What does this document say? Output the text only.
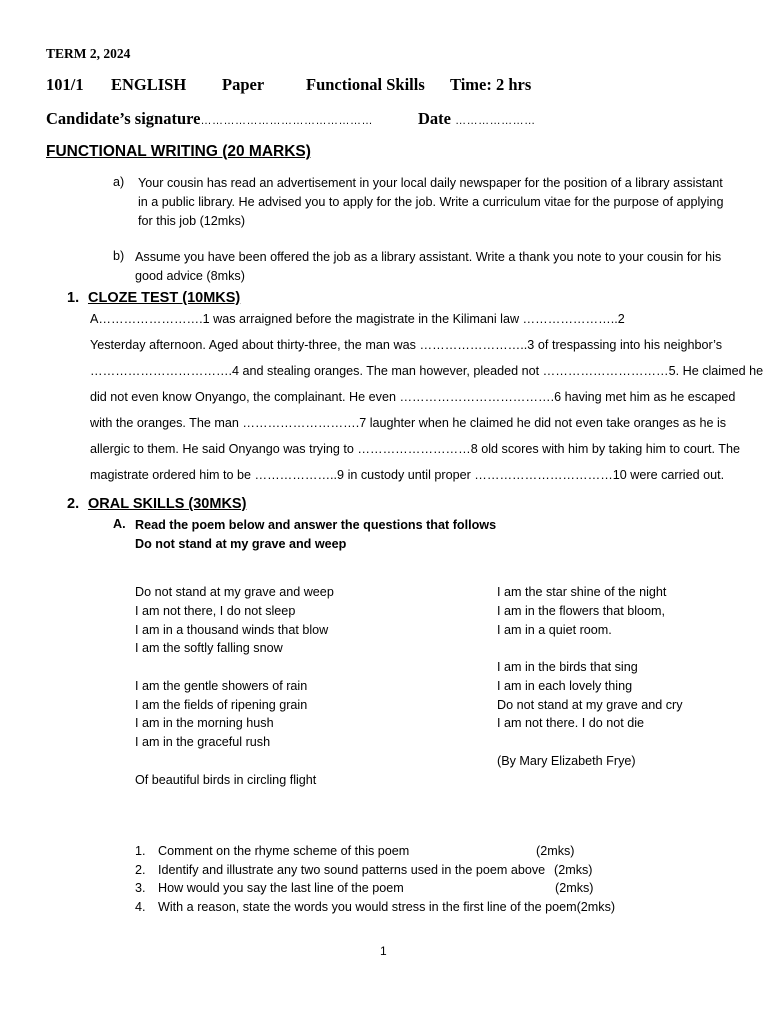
TERM 2, 2024
101/1 ENGLISH Paper	Functional Skills Time: 2 hrs
Candidate’s signature………………………………………	Date …………………
FUNCTIONAL WRITING (20 MARKS)
a) Your cousin has read an advertisement in your local daily newspaper for the position of a library assistant in a public library. He advised you to apply for the job. Write a curriculum vitae for the purpose of applying for this job (12mks)
b) Assume you have been offered the job as a library assistant. Write a thank you note to your cousin for his good advice (8mks)
1. CLOZE TEST (10MKS)
A…………………….1 was arraigned before the magistrate in the Kilimani law …………………..2
Yesterday afternoon. Aged about thirty-three, the man was ……………………..3 of trespassing into his neighbor’s
…………………………….4 and stealing oranges. The man however, pleaded not …………………………5. He claimed he
did not even know Onyango, the complainant. He even ……………………………….6 having met him as he escaped
with the oranges. The man ……………………….7 laughter when he claimed he did not even take oranges as he is
allergic to them. He said Onyango was trying to ………………………8 old scores with him by taking him to court. The
magistrate ordered him to be ………………..9 in custody until proper ……………………………10 were carried out.
2. ORAL SKILLS (30MKS)
A. Read the poem below and answer the questions that follows
Do not stand at my grave and weep
Do not stand at my grave and weep
I am not there, I do not sleep
I am in a thousand winds that blow
I am the softly falling snow
I am the gentle showers of rain
I am the fields of ripening grain
I am in the morning hush
I am in the graceful rush
Of beautiful birds in circling flight
I am the star shine of the night
I am in the flowers that bloom,
I am in a quiet room.
I am in the birds that sing
I am in each lovely thing
Do not stand at my grave and cry
I am not there. I do not die
(By Mary Elizabeth Frye)
1. Comment on the rhyme scheme of this poem	(2mks)
2. Identify and illustrate any two sound patterns used in the poem above (2mks)
3. How would you say the last line of the poem	(2mks)
4. With a reason, state the words you would stress in the first line of the poem(2mks)
1
